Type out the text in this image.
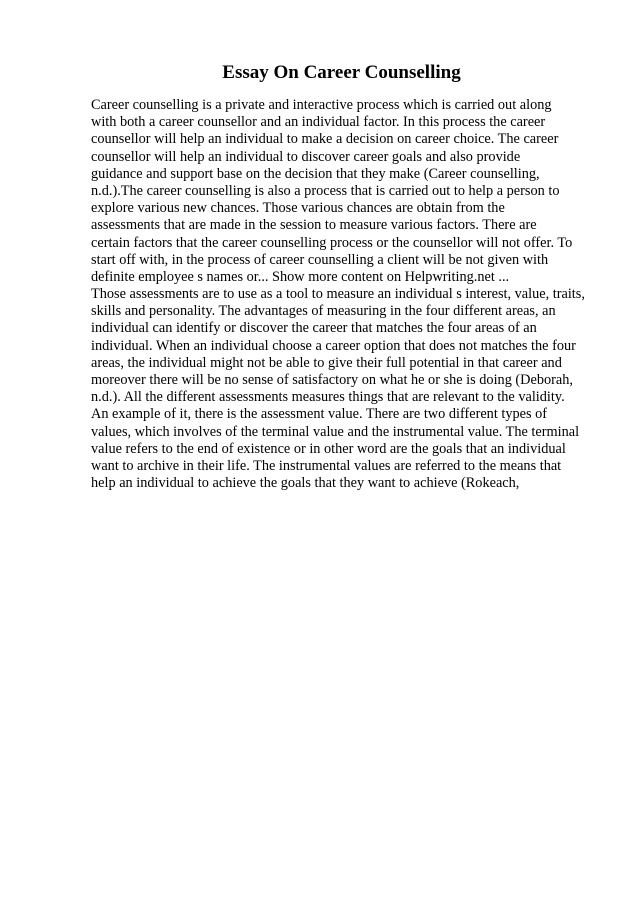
Essay On Career Counselling
Career counselling is a private and interactive process which is carried out along
with both a career counsellor and an individual factor. In this process the career
counsellor will help an individual to make a decision on career choice. The career
counsellor will help an individual to discover career goals and also provide
guidance and support base on the decision that they make (Career counselling,
n.d.).The career counselling is also a process that is carried out to help a person to
explore various new chances. Those various chances are obtain from the
assessments that are made in the session to measure various factors. There are
certain factors that the career counselling process or the counsellor will not offer. To
start off with, in the process of career counselling a client will be not given with
definite employee s names or... Show more content on Helpwriting.net ...
Those assessments are to use as a tool to measure an individual s interest, value, traits,
skills and personality. The advantages of measuring in the four different areas, an
individual can identify or discover the career that matches the four areas of an
individual. When an individual choose a career option that does not matches the four
areas, the individual might not be able to give their full potential in that career and
moreover there will be no sense of satisfactory on what he or she is doing (Deborah,
n.d.). All the different assessments measures things that are relevant to the validity.
An example of it, there is the assessment value. There are two different types of
values, which involves of the terminal value and the instrumental value. The terminal
value refers to the end of existence or in other word are the goals that an individual
want to archive in their life. The instrumental values are referred to the means that
help an individual to achieve the goals that they want to achieve (Rokeach,
